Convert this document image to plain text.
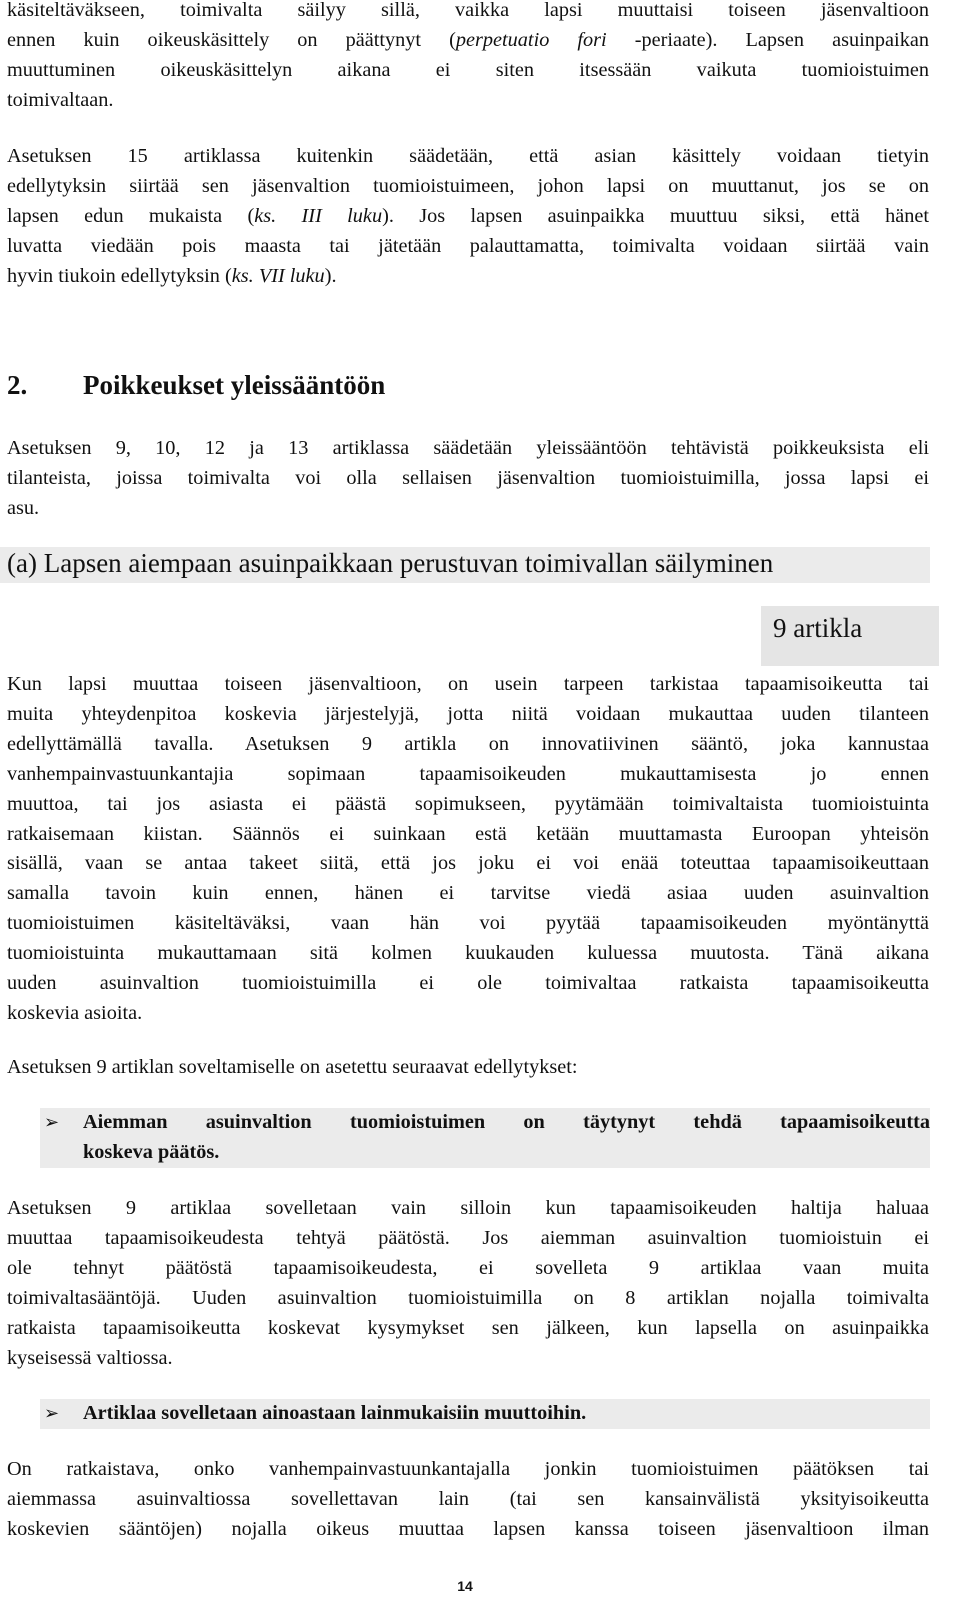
käsiteltäväkseen, toimivalta säilyy sillä, vaikka lapsi muuttaisi toiseen jäsenvaltioon
ennen kuin oikeuskäsittely on päättynyt (perpetuatio fori -periaate). Lapsen asuinpaikan
muuttuminen oikeuskäsittelyn aikana ei siten itsessään vaikuta tuomioistuimen
toimivaltaan.

Asetuksen 15 artiklassa kuitenkin säädetään, että asian käsittely voidaan tietyin
edellytyksin siirtää sen jäsenvaltion tuomioistuimeen, johon lapsi on muuttanut, jos se on
lapsen edun mukaista (ks. III luku). Jos lapsen asuinpaikka muuttuu siksi, että hänet
luvatta viedään pois maasta tai jätetään palauttamatta, toimivalta voidaan siirtää vain
hyvin tiukoin edellytyksin (ks. VII luku).

2. Poikkeukset yleissääntöön

Asetuksen 9, 10, 12 ja 13 artiklassa säädetään yleissääntöön tehtävistä poikkeuksista eli
tilanteista, joissa toimivalta voi olla sellaisen jäsenvaltion tuomioistuimilla, jossa lapsi ei
asu.

(a) Lapsen aiempaan asuinpaikkaan perustuvan toimivallan säilyminen
9 artikla

Kun lapsi muuttaa toiseen jäsenvaltioon, on usein tarpeen tarkistaa tapaamisoikeutta tai
muita yhteydenpitoa koskevia järjestelyjä, jotta niitä voidaan mukauttaa uuden tilanteen
edellyttämällä tavalla. Asetuksen 9 artikla on innovatiivinen sääntö, joka kannustaa
vanhempainvastuunkantajia sopimaan tapaamisoikeuden mukauttamisesta jo ennen
muuttoa, tai jos asiasta ei päästä sopimukseen, pyytämään toimivaltaista tuomioistuinta
ratkaisemaan kiistan. Säännös ei suinkaan estä ketään muuttamasta Euroopan yhteisön
sisällä, vaan se antaa takeet siitä, että jos joku ei voi enää toteuttaa tapaamisoikeuttaan
samalla tavoin kuin ennen, hänen ei tarvitse viedä asiaa uuden asuinvaltion
tuomioistuimen käsiteltäväksi, vaan hän voi pyytää tapaamisoikeuden myöntänyttä
tuomioistuinta mukauttamaan sitä kolmen kuukauden kuluessa muutosta. Tänä aikana
uuden asuinvaltion tuomioistuimilla ei ole toimivaltaa ratkaista tapaamisoikeutta
koskevia asioita.

Asetuksen 9 artiklan soveltamiselle on asetettu seuraavat edellytykset:

➢ Aiemman asuinvaltion tuomioistuimen on täytynyt tehdä tapaamisoikeutta
koskeva päätös.

Asetuksen 9 artiklaa sovelletaan vain silloin kun tapaamisoikeuden haltija haluaa
muuttaa tapaamisoikeudesta tehtyä päätöstä. Jos aiemman asuinvaltion tuomioistuin ei
ole tehnyt päätöstä tapaamisoikeudesta, ei sovelleta 9 artiklaa vaan muita
toimivaltasääntöjä. Uuden asuinvaltion tuomioistuimilla on 8 artiklan nojalla toimivalta
ratkaista tapaamisoikeutta koskevat kysymykset sen jälkeen, kun lapsella on asuinpaikka
kyseisessä valtiossa.

➢ Artiklaa sovelletaan ainoastaan lainmukaisiin muuttoihin.

On ratkaistava, onko vanhempainvastuunkantajalla jonkin tuomioistuimen päätöksen tai
aiemmassa asuinvaltiossa sovellettavan lain (tai sen kansainvälistä yksityisoikeutta
koskevien sääntöjen) nojalla oikeus muuttaa lapsen kanssa toiseen jäsenvaltioon ilman

14
